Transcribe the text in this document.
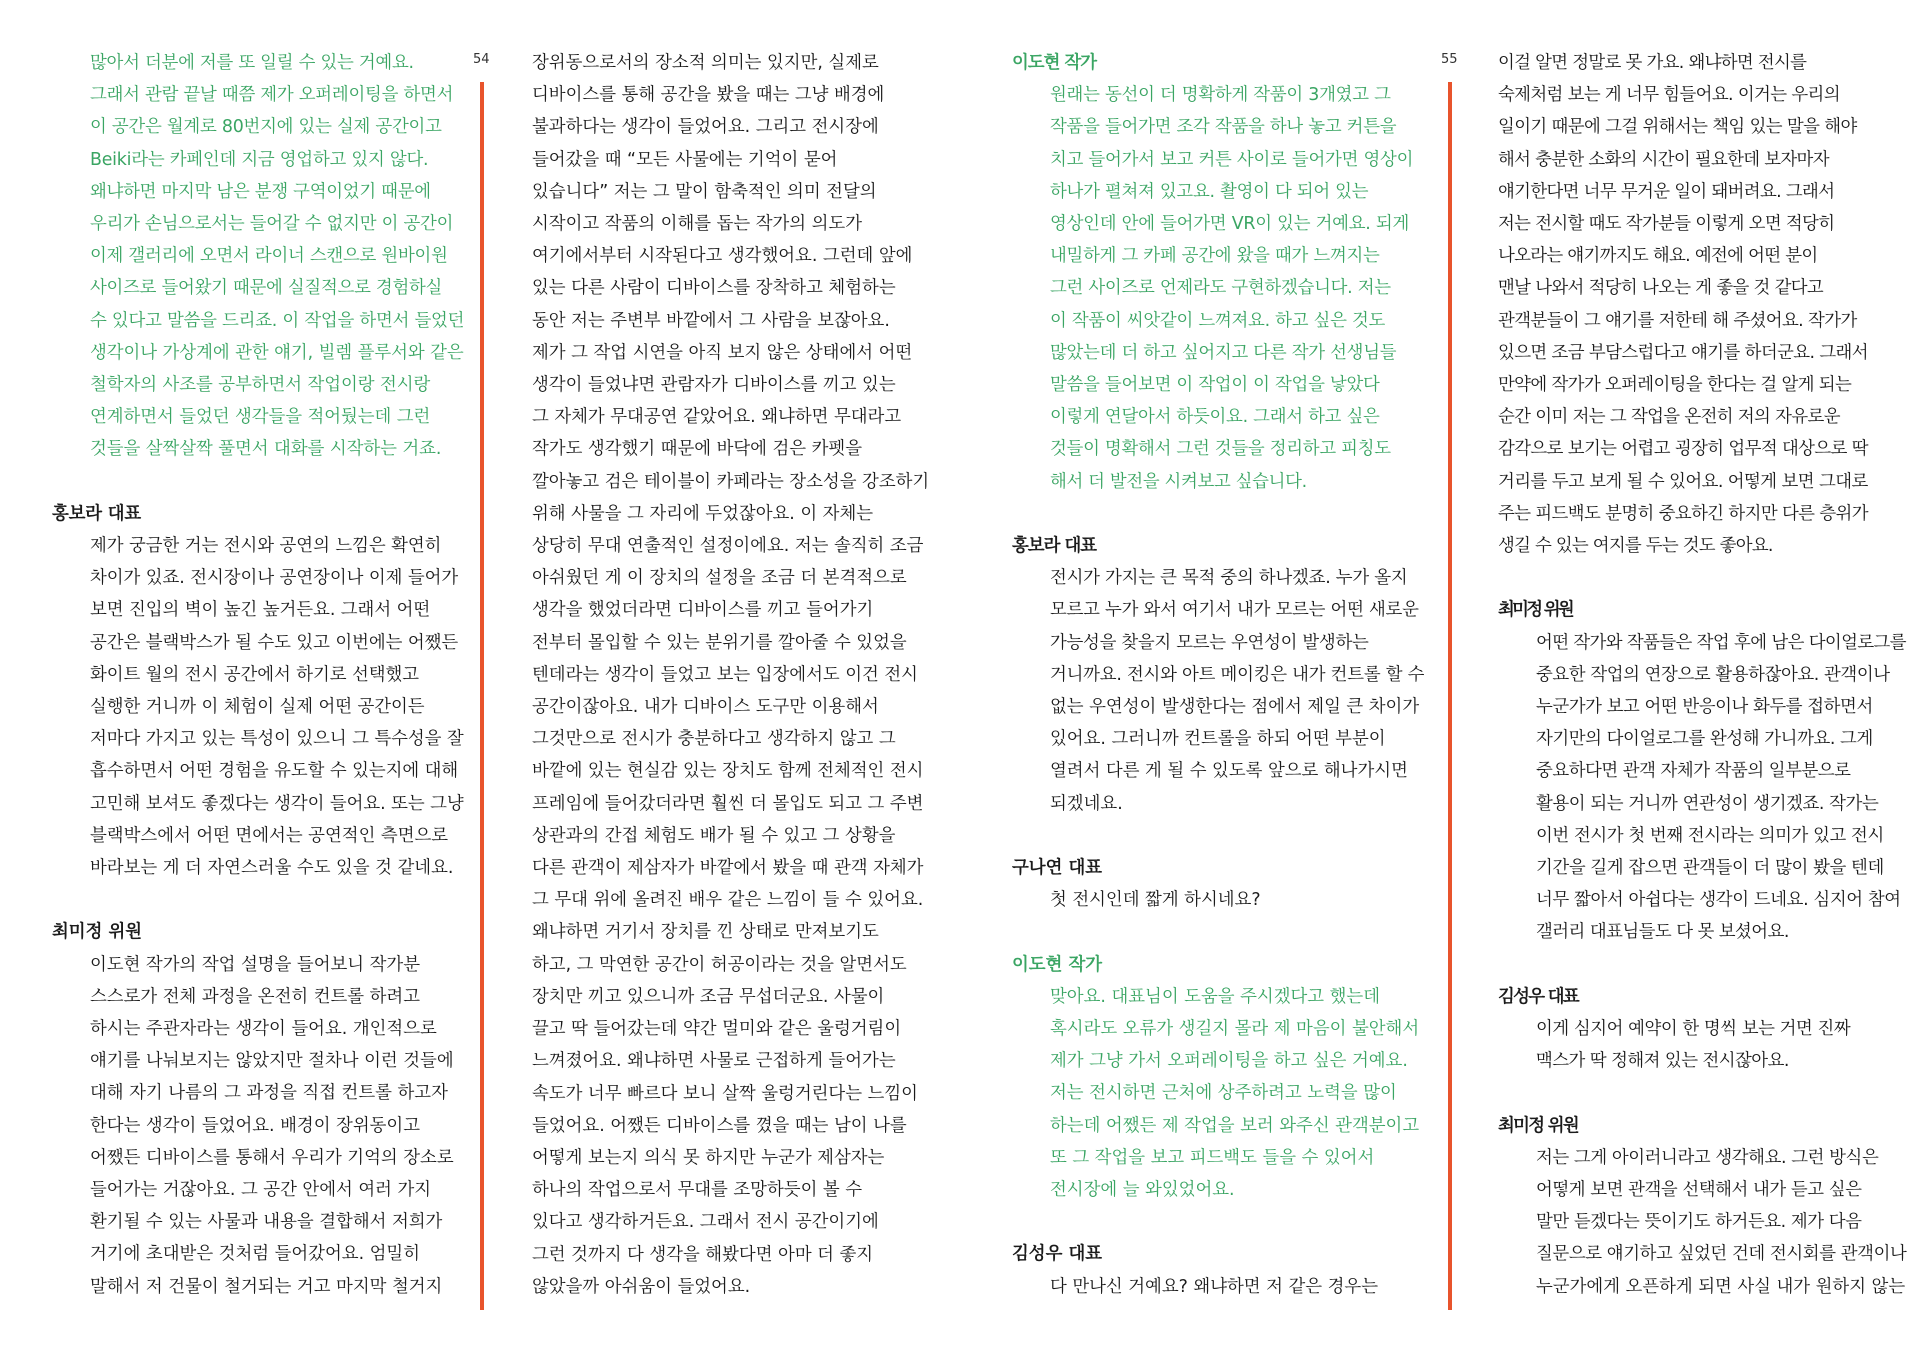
많아서 더분에 저를 또 일릴 수 있는 거예요.

그래서 관람 끝날 때쯤 제가 오퍼레이팅을 하면서

이 공간은 월계로 80번지에 있는 실제 공간이고

Beiki라는 카페인데 지금 영업하고 있지 않다.

왜냐하면 마지막 남은 분쟁 구역이었기 때문에

우리가 손님으로서는 들어갈 수 없지만 이 공간이

이제 갤러리에 오면서 라이너 스캔으로 원바이원

사이즈로 들어왔기 때문에 실질적으로 경험하실

수 있다고 말씀을 드리죠. 이 작업을 하면서 들었던

생각이나 가상계에 관한 얘기, 빌렘 플루서와 같은

철학자의 사조를 공부하면서 작업이랑 전시랑

연계하면서 들었던 생각들을 적어뒀는데 그런

것들을 살짝살짝 풀면서 대화를 시작하는 거죠.

홍보라 대표

제가 궁금한 거는 전시와 공연의 느낌은 확연히

차이가 있죠. 전시장이나 공연장이나 이제 들어가

보면 진입의 벽이 높긴 높거든요. 그래서 어떤

공간은 블랙박스가 될 수도 있고 이번에는 어쨌든

화이트 월의 전시 공간에서 하기로 선택했고

실행한 거니까 이 체험이 실제 어떤 공간이든

저마다 가지고 있는 특성이 있으니 그 특수성을 잘

흡수하면서 어떤 경험을 유도할 수 있는지에 대해

고민해 보셔도 좋겠다는 생각이 들어요. 또는 그냥

블랙박스에서 어떤 면에서는 공연적인 측면으로

바라보는 게 더 자연스러울 수도 있을 것 같네요.

최미정 위원

이도현 작가의 작업 설명을 들어보니 작가분

스스로가 전체 과정을 온전히 컨트롤 하려고

하시는 주관자라는 생각이 들어요. 개인적으로

얘기를 나눠보지는 않았지만 절차나 이런 것들에

대해 자기 나름의 그 과정을 직접 컨트롤 하고자

한다는 생각이 들었어요. 배경이 장위동이고

어쨌든 디바이스를 통해서 우리가 기억의 장소로

들어가는 거잖아요. 그 공간 안에서 여러 가지

환기될 수 있는 사물과 내용을 결합해서 저희가

거기에 초대받은 것처럼 들어갔어요. 엄밀히

말해서 저 건물이 철거되는 거고 마지막 철거지

54 장위동으로서의 장소적 의미는 있지만, 실제로

디바이스를 통해 공간을 봤을 때는 그냥 배경에

불과하다는 생각이 들었어요. 그리고 전시장에

들어갔을 때 “모든 사물에는 기억이 묻어

있습니다” 저는 그 말이 함축적인 의미 전달의

시작이고 작품의 이해를 돕는 작가의 의도가

여기에서부터 시작된다고 생각했어요. 그런데 앞에

있는 다른 사람이 디바이스를 장착하고 체험하는

동안 저는 주변부 바깥에서 그 사람을 보잖아요.

제가 그 작업 시연을 아직 보지 않은 상태에서 어떤

생각이 들었냐면 관람자가 디바이스를 끼고 있는

그 자체가 무대공연 같았어요. 왜냐하면 무대라고

작가도 생각했기 때문에 바닥에 검은 카펫을

깔아놓고 검은 테이블이 카페라는 장소성을 강조하기

위해 사물을 그 자리에 두었잖아요. 이 자체는

상당히 무대 연출적인 설정이에요. 저는 솔직히 조금

아쉬웠던 게 이 장치의 설정을 조금 더 본격적으로

생각을 했었더라면 디바이스를 끼고 들어가기

전부터 몰입할 수 있는 분위기를 깔아줄 수 있었을

텐데라는 생각이 들었고 보는 입장에서도 이건 전시

공간이잖아요. 내가 디바이스 도구만 이용해서

그것만으로 전시가 충분하다고 생각하지 않고 그

바깥에 있는 현실감 있는 장치도 함께 전체적인 전시

프레임에 들어갔더라면 훨씬 더 몰입도 되고 그 주변

상관과의 간접 체험도 배가 될 수 있고 그 상황을

다른 관객이 제삼자가 바깥에서 봤을 때 관객 자체가

그 무대 위에 올려진 배우 같은 느낌이 들 수 있어요.

왜냐하면 거기서 장치를 낀 상태로 만져보기도

하고, 그 막연한 공간이 허공이라는 것을 알면서도

장치만 끼고 있으니까 조금 무섭더군요. 사물이

끌고 딱 들어갔는데 약간 멀미와 같은 울렁거림이

느껴졌어요. 왜냐하면 사물로 근접하게 들어가는

속도가 너무 빠르다 보니 살짝 울렁거린다는 느낌이

들었어요. 어쨌든 디바이스를 꼈을 때는 남이 나를

어떻게 보는지 의식 못 하지만 누군가 제삼자는

하나의 작업으로서 무대를 조망하듯이 볼 수

있다고 생각하거든요. 그래서 전시 공간이기에

그런 것까지 다 생각을 해봤다면 아마 더 좋지

않았을까 아쉬움이 들었어요.

이도현 작가

원래는 동선이 더 명확하게 작품이 3개였고 그

작품을 들어가면 조각 작품을 하나 놓고 커튼을

치고 들어가서 보고 커튼 사이로 들어가면 영상이

하나가 펼쳐져 있고요. 촬영이 다 되어 있는

영상인데 안에 들어가면 VR이 있는 거예요. 되게

내밀하게 그 카페 공간에 왔을 때가 느껴지는

그런 사이즈로 언제라도 구현하겠습니다. 저는

이 작품이 씨앗같이 느껴져요. 하고 싶은 것도

많았는데 더 하고 싶어지고 다른 작가 선생님들

말씀을 들어보면 이 작업이 이 작업을 낳았다

이렇게 연달아서 하듯이요. 그래서 하고 싶은

것들이 명확해서 그런 것들을 정리하고 피칭도

해서 더 발전을 시켜보고 싶습니다.

홍보라 대표

전시가 가지는 큰 목적 중의 하나겠죠. 누가 올지

모르고 누가 와서 여기서 내가 모르는 어떤 새로운

가능성을 찾을지 모르는 우연성이 발생하는

거니까요. 전시와 아트 메이킹은 내가 컨트롤 할 수

없는 우연성이 발생한다는 점에서 제일 큰 차이가

있어요. 그러니까 컨트롤을 하되 어떤 부분이

열려서 다른 게 될 수 있도록 앞으로 해나가시면

되겠네요.

구나연 대표

첫 전시인데 짧게 하시네요?

이도현 작가

맞아요. 대표님이 도움을 주시겠다고 했는데

혹시라도 오류가 생길지 몰라 제 마음이 불안해서

제가 그냥 가서 오퍼레이팅을 하고 싶은 거예요.

저는 전시하면 근처에 상주하려고 노력을 많이

하는데 어쨌든 제 작업을 보러 와주신 관객분이고

또 그 작업을 보고 피드백도 들을 수 있어서

전시장에 늘 와있었어요.

김성우 대표

다 만나신 거예요? 왜냐하면 저 같은 경우는

55 이걸 알면 정말로 못 가요. 왜냐하면 전시를

숙제처럼 보는 게 너무 힘들어요. 이거는 우리의

일이기 때문에 그걸 위해서는 책임 있는 말을 해야

해서 충분한 소화의 시간이 필요한데 보자마자

얘기한다면 너무 무거운 일이 돼버려요. 그래서

저는 전시할 때도 작가분들 이렇게 오면 적당히

나오라는 얘기까지도 해요. 예전에 어떤 분이

맨날 나와서 적당히 나오는 게 좋을 것 같다고

관객분들이 그 얘기를 저한테 해 주셨어요. 작가가

있으면 조금 부담스럽다고 얘기를 하더군요. 그래서

만약에 작가가 오퍼레이팅을 한다는 걸 알게 되는

순간 이미 저는 그 작업을 온전히 저의 자유로운

감각으로 보기는 어렵고 굉장히 업무적 대상으로 딱

거리를 두고 보게 될 수 있어요. 어떻게 보면 그대로

주는 피드백도 분명히 중요하긴 하지만 다른 층위가

생길 수 있는 여지를 두는 것도 좋아요.

최미정 위원

어떤 작가와 작품들은 작업 후에 남은 다이얼로그를

중요한 작업의 연장으로 활용하잖아요. 관객이나

누군가가 보고 어떤 반응이나 화두를 접하면서

자기만의 다이얼로그를 완성해 가니까요. 그게

중요하다면 관객 자체가 작품의 일부분으로

활용이 되는 거니까 연관성이 생기겠죠. 작가는

이번 전시가 첫 번째 전시라는 의미가 있고 전시

기간을 길게 잡으면 관객들이 더 많이 봤을 텐데

너무 짧아서 아쉽다는 생각이 드네요. 심지어 참여

갤러리 대표님들도 다 못 보셨어요.

김성우 대표

이게 심지어 예약이 한 명씩 보는 거면 진짜

맥스가 딱 정해져 있는 전시잖아요.

최미정 위원

저는 그게 아이러니라고 생각해요. 그런 방식은

어떻게 보면 관객을 선택해서 내가 듣고 싶은

말만 듣겠다는 뜻이기도 하거든요. 제가 다음

질문으로 얘기하고 싶었던 건데 전시회를 관객이나

누군가에게 오픈하게 되면 사실 내가 원하지 않는
